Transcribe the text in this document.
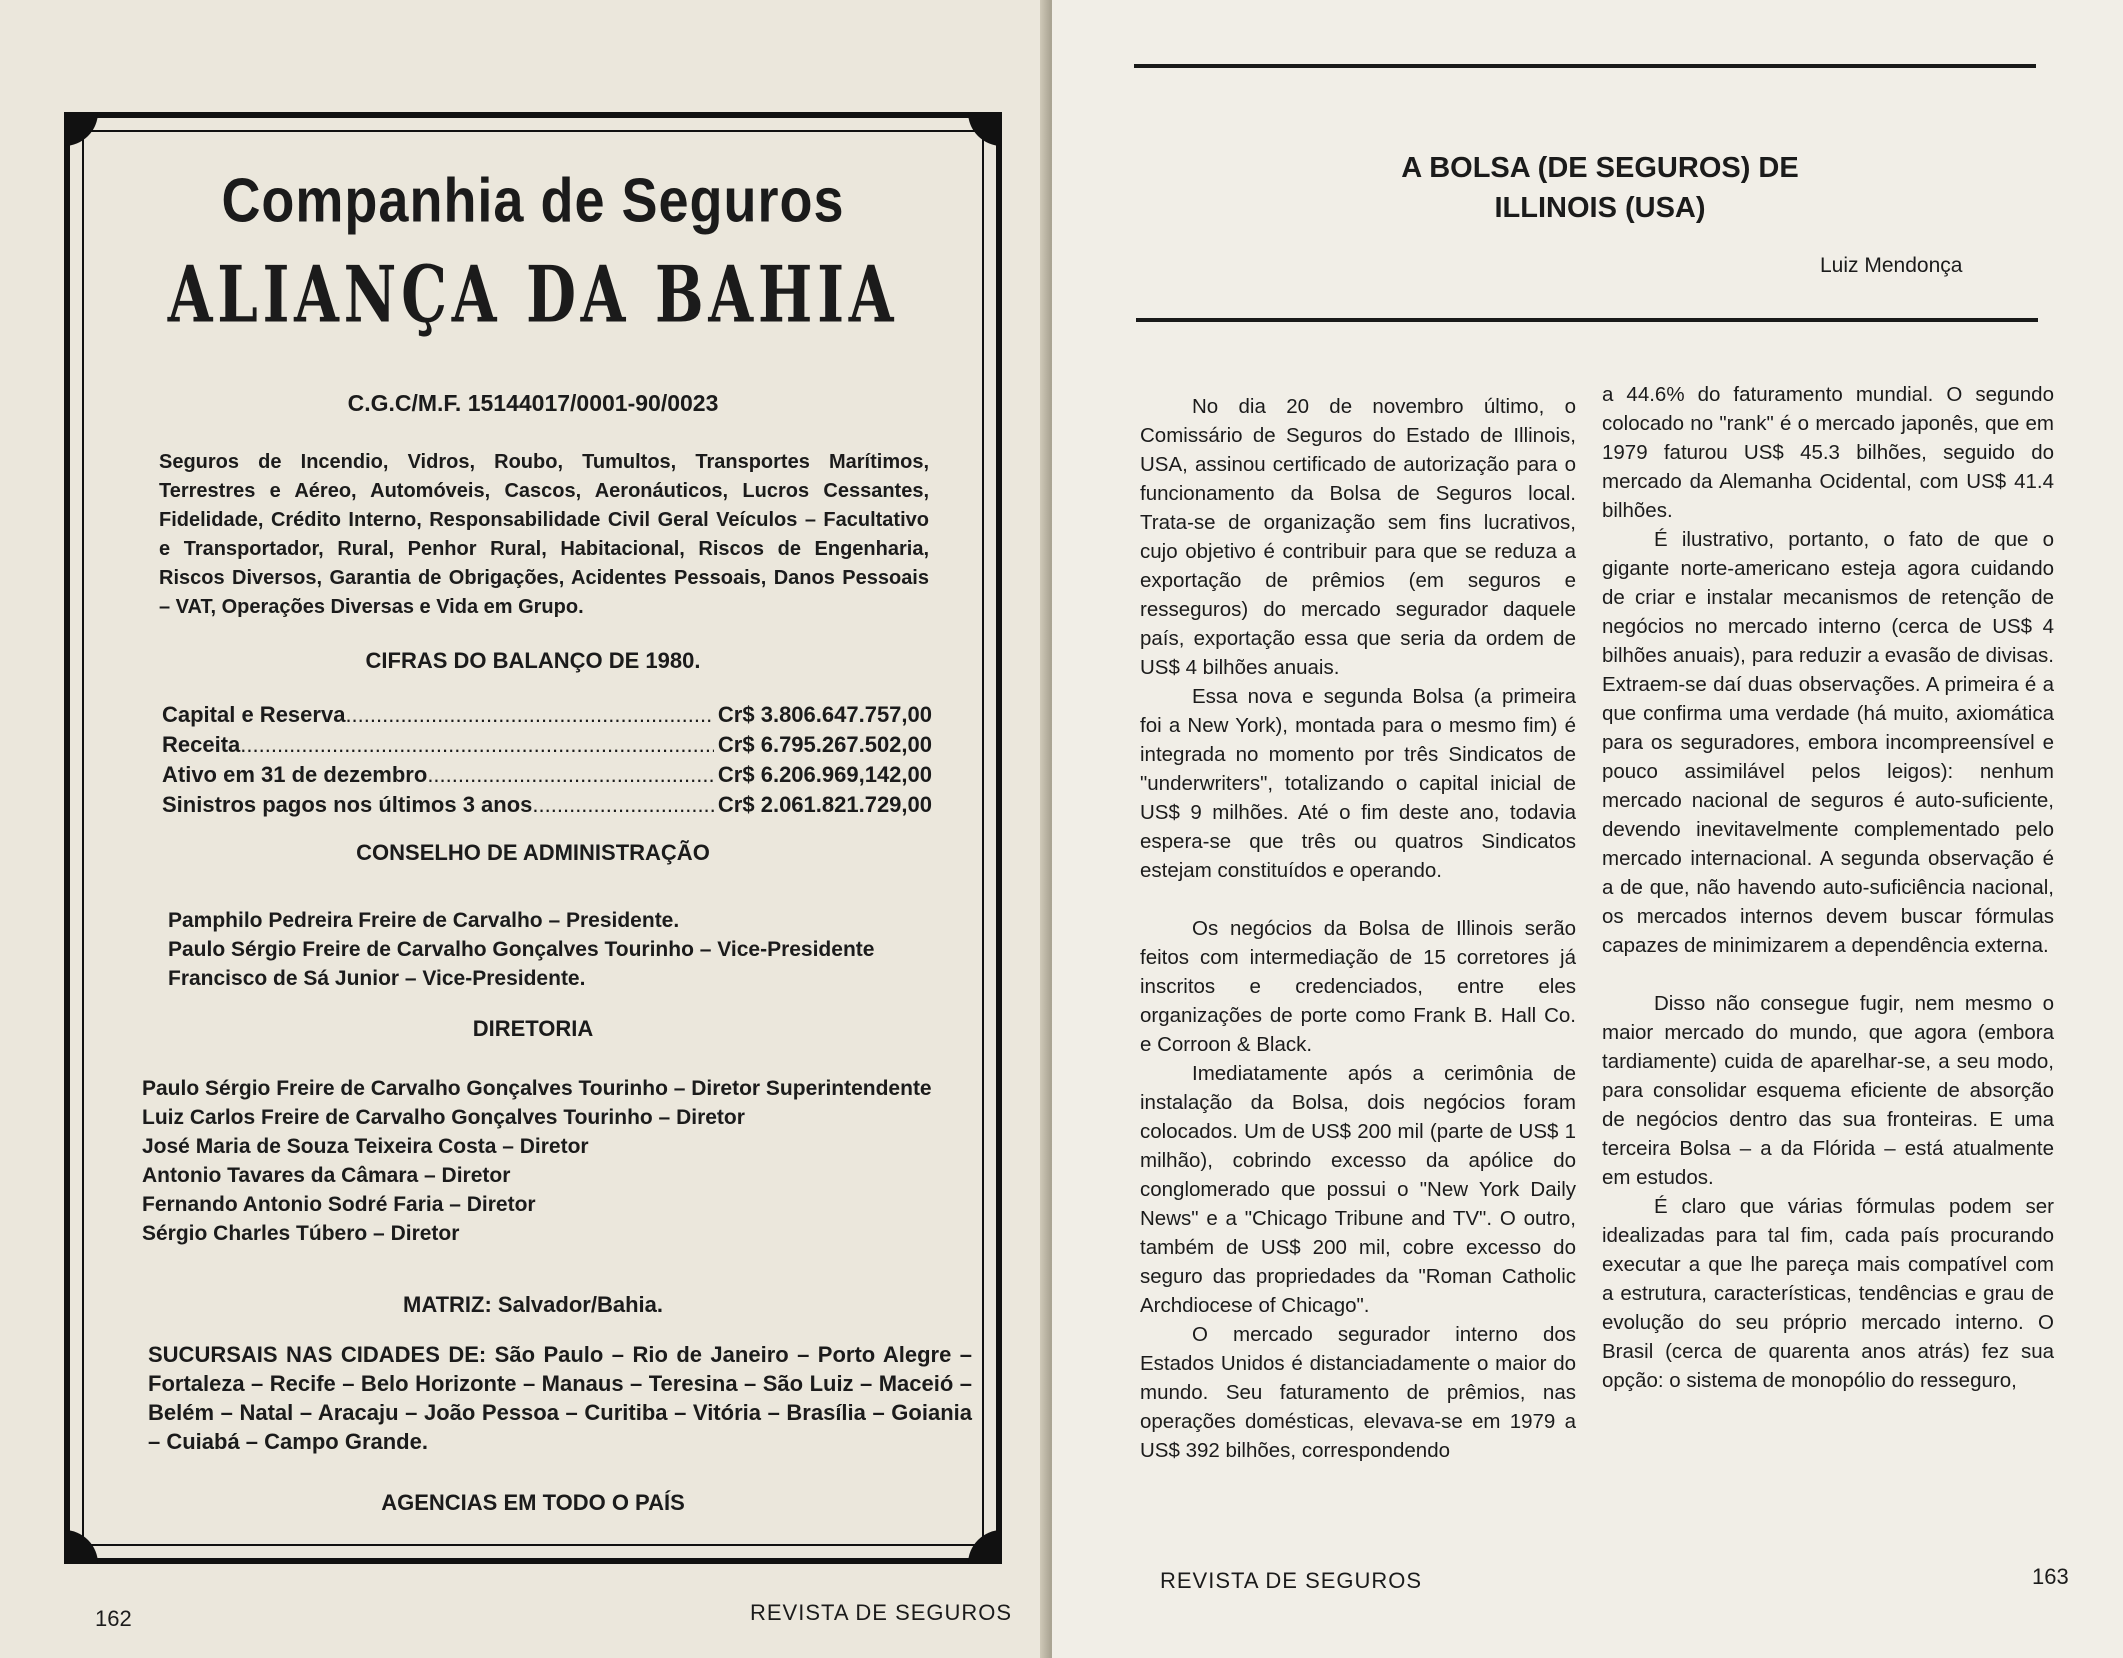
Companhia de Seguros
ALIANÇA DA BAHIA
C.G.C/M.F. 15144017/0001-90/0023
Seguros de Incendio, Vidros, Roubo, Tumultos, Transportes Marítimos, Terrestres e Aéreo, Automóveis, Cascos, Aeronáuticos, Lucros Cessantes, Fidelidade, Crédito Interno, Responsabilidade Civil Geral Veículos – Facultativo e Transportador, Rural, Penhor Rural, Habitacional, Riscos de Engenharia, Riscos Diversos, Garantia de Obrigações, Acidentes Pessoais, Danos Pessoais – VAT, Operações Diversas e Vida em Grupo.
CIFRAS DO BALANÇO DE 1980.
Capital e Reserva .....	Cr$ 3.806.647.757,00
Receita .....	Cr$ 6.795.267.502,00
Ativo em 31 de dezembro .....	Cr$ 6.206.969,142,00
Sinistros pagos nos últimos 3 anos .....	Cr$ 2.061.821.729,00
CONSELHO DE ADMINISTRAÇÃO
Pamphilo Pedreira Freire de Carvalho – Presidente.
Paulo Sérgio Freire de Carvalho Gonçalves Tourinho – Vice-Presidente
Francisco de Sá Junior – Vice-Presidente.
DIRETORIA
Paulo Sérgio Freire de Carvalho Gonçalves Tourinho – Diretor Superintendente
Luiz Carlos Freire de Carvalho Gonçalves Tourinho – Diretor
José Maria de Souza Teixeira Costa – Diretor
Antonio Tavares da Câmara – Diretor
Fernando Antonio Sodré Faria – Diretor
Sérgio Charles Túbero – Diretor
MATRIZ: Salvador/Bahia.
SUCURSAIS NAS CIDADES DE: São Paulo – Rio de Janeiro – Porto Alegre – Fortaleza – Recife – Belo Horizonte – Manaus – Teresina – São Luiz – Maceió – Belém – Natal – Aracaju – João Pessoa – Curitiba – Vitória – Brasília – Goiania – Cuiabá – Campo Grande.
AGENCIAS EM TODO O PAÍS
162	REVISTA DE SEGUROS
A BOLSA (DE SEGUROS) DE
ILLINOIS (USA)
Luiz Mendonça

No dia 20 de novembro último, o Comissário de Seguros do Estado de Illinois, USA, assinou certificado de autorização para o funcionamento da Bolsa de Seguros local. Trata-se de organização sem fins lucrativos, cujo objetivo é contribuir para que se reduza a exportação de prêmios (em seguros e resseguros) do mercado segurador daquele país, exportação essa que seria da ordem de US$ 4 bilhões anuais.

Essa nova e segunda Bolsa (a primeira foi a New York), montada para o mesmo fim) é integrada no momento por três Sindicatos de "underwriters", totalizando o capital inicial de US$ 9 milhões. Até o fim deste ano, todavia espera-se que três ou quatros Sindicatos estejam constituídos e operando.

Os negócios da Bolsa de Illinois serão feitos com intermediação de 15 corretores já inscritos e credenciados, entre eles organizações de porte como Frank B. Hall Co. e Corroon & Black.

Imediatamente após a cerimônia de instalação da Bolsa, dois negócios foram colocados. Um de US$ 200 mil (parte de US$ 1 milhão), cobrindo excesso da apólice do conglomerado que possui o "New York Daily News" e a "Chicago Tribune and TV". O outro, também de US$ 200 mil, cobre excesso do seguro das propriedades da "Roman Catholic Archdiocese of Chicago".

O mercado segurador interno dos Estados Unidos é distanciadamente o maior do mundo. Seu faturamento de prêmios, nas operações domésticas, elevava-se em 1979 a US$ 392 bilhões, correspondendo

a 44.6% do faturamento mundial. O segundo colocado no "rank" é o mercado japonês, que em 1979 faturou US$ 45.3 bilhões, seguido do mercado da Alemanha Ocidental, com US$ 41.4 bilhões.

É ilustrativo, portanto, o fato de que o gigante norte-americano esteja agora cuidando de criar e instalar mecanismos de retenção de negócios no mercado interno (cerca de US$ 4 bilhões anuais), para reduzir a evasão de divisas. Extraem-se daí duas observações. A primeira é a que confirma uma verdade (há muito, axiomática para os seguradores, embora incompreensível e pouco assimilável pelos leigos): nenhum mercado nacional de seguros é auto-suficiente, devendo inevitavelmente complementado pelo mercado internacional. A segunda observação é a de que, não havendo auto-suficiência nacional, os mercados internos devem buscar fórmulas capazes de minimizarem a dependência externa.

Disso não consegue fugir, nem mesmo o maior mercado do mundo, que agora (embora tardiamente) cuida de aparelhar-se, a seu modo, para consolidar esquema eficiente de absorção de negócios dentro das sua fronteiras. E uma terceira Bolsa – a da Flórida – está atualmente em estudos.

É claro que várias fórmulas podem ser idealizadas para tal fim, cada país procurando executar a que lhe pareça mais compatível com a estrutura, características, tendências e grau de evolução do seu próprio mercado interno. O Brasil (cerca de quarenta anos atrás) fez sua opção: o sistema de monopólio do resseguro,

REVISTA DE SEGUROS	163
